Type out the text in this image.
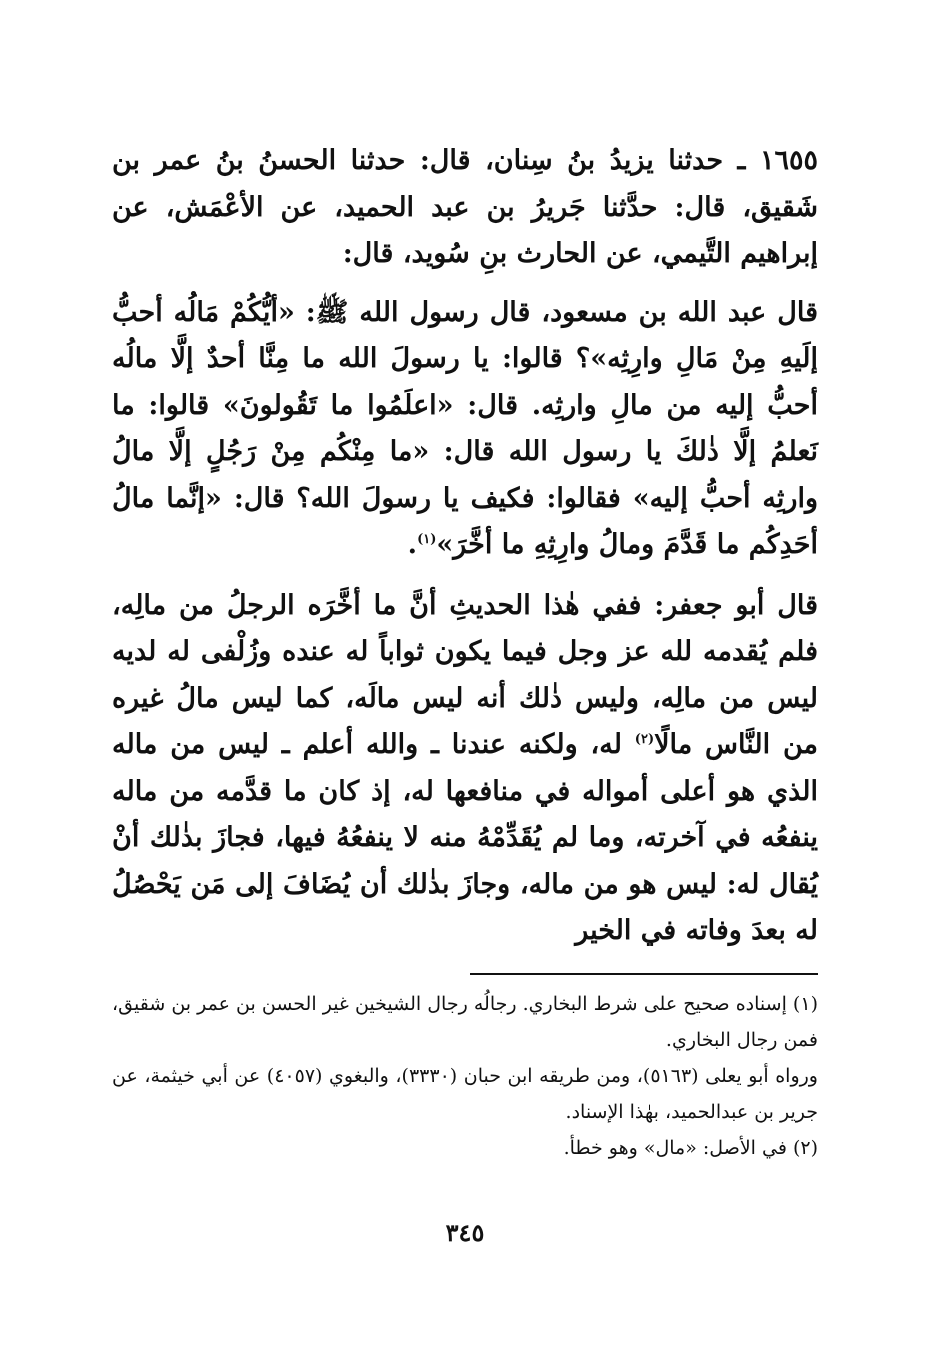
١٦٥٥ ـ حدثنا يزيدُ بنُ سِنان، قال: حدثنا الحسنُ بنُ عمر بن شَقيق، قال: حدَّثنا جَريرُ بن عبد الحميد، عن الأعْمَش، عن إبراهيم التَّيمي، عن الحارث بنِ سُويد، قال:
قال عبد الله بن مسعود، قال رسول الله ﷺ: «أيُّكُمْ مَالُه أحبُّ إلَيهِ مِنْ مَالِ وارِثِه»؟ قالوا: يا رسولَ الله ما مِنَّا أحدٌ إلَّا مالُه أحبُّ إليه من مالِ وارثِه. قال: «اعلَمُوا ما تَقُولونَ» قالوا: ما نَعلمُ إلَّا ذٰلكَ يا رسول الله قال: «ما مِنْكُم مِنْ رَجُلٍ إلَّا مالُ وارثِه أحبُّ إليه» فقالوا: فكيف يا رسولَ الله؟ قال: «إنَّما مالُ أحَدِكُم ما قَدَّمَ ومالُ وارِثِهِ ما أخَّرَ»$^{(١)}$.
قال أبو جعفر: ففي هٰذا الحديثِ أنَّ ما أخَّرَه الرجلُ من مالِه، فلم يُقدمه لله عز وجل فيما يكون ثواباً له عنده وزُلْفى له لديه ليس من مالِه، وليس ذٰلك أنه ليس مالَه، كما ليس مالُ غيره من النَّاس مالًا$^{(٢)}$ له، ولكنه عندنا ـ والله أعلم ـ ليس من ماله الذي هو أعلى أمواله في منافعها له، إذ كان ما قدَّمه من ماله ينفعُه في آخرته، وما لم يُقَدِّمْهُ منه لا ينفعُهُ فيها، فجازَ بذٰلك أنْ يُقال له: ليس هو من ماله، وجازَ بذٰلك أن يُضَافَ إلى مَن يَحْصُلُ له بعدَ وفاته في الخير

(١) إسناده صحيح على شرط البخاري. رجالُه رجال الشيخين غير الحسن بن عمر بن شقيق، فمن رجال البخاري.

ورواه أبو يعلى (٥١٦٣)، ومن طريقه ابن حبان (٣٣٣٠)، والبغوي (٤٠٥٧) عن أبي خيثمة، عن جرير بن عبدالحميد، بهٰذا الإسناد.

(٢) في الأصل: «مال» وهو خطأ.

٣٤٥
